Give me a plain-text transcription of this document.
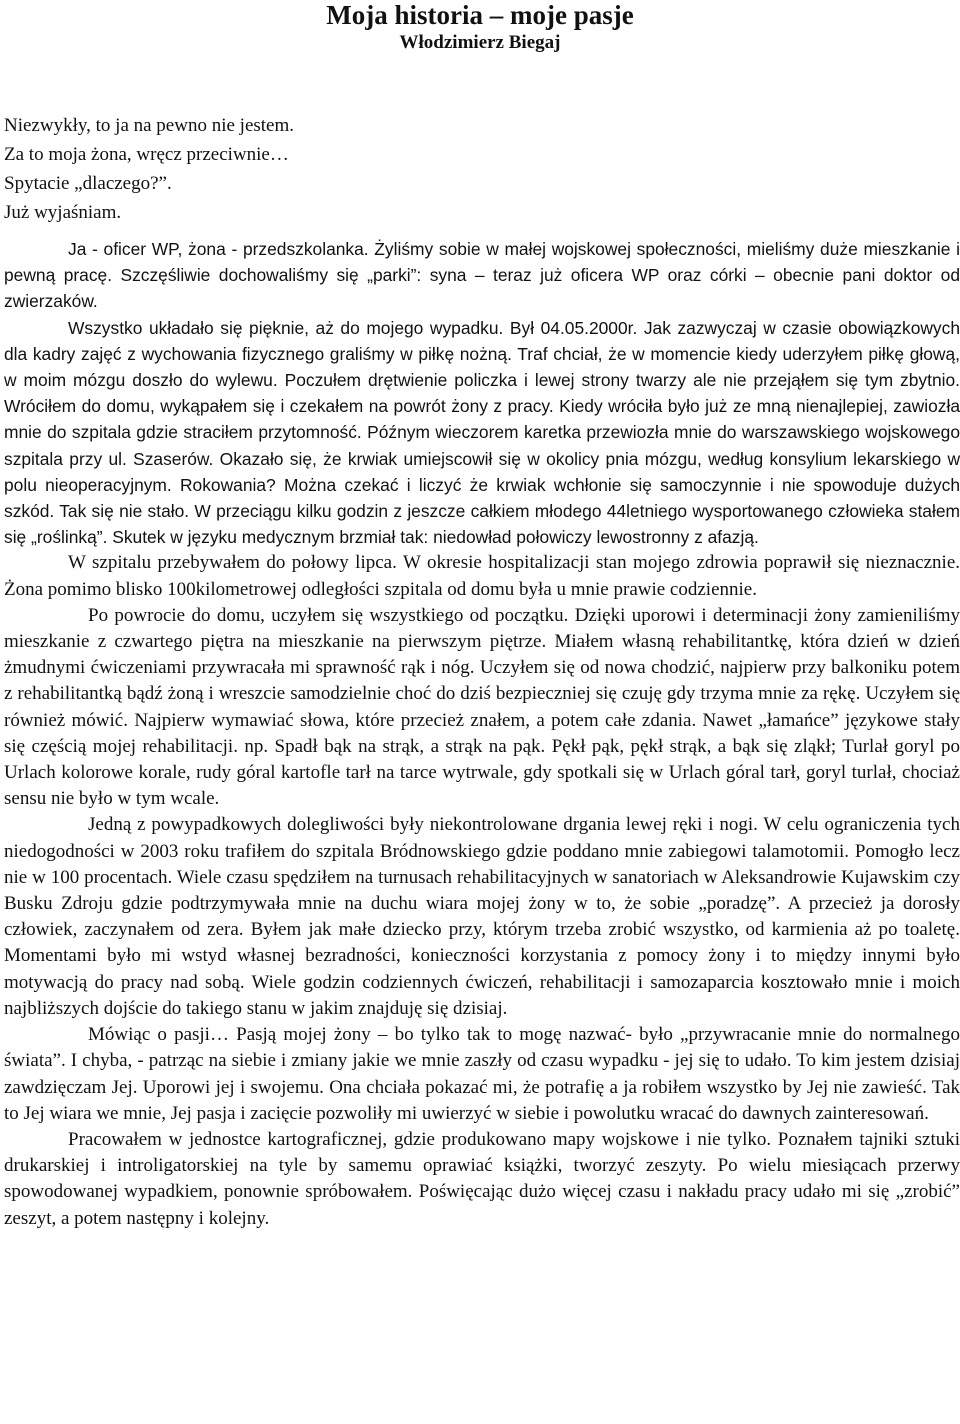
Moja historia – moje pasje
Włodzimierz Biegaj
Niezwykły, to ja na pewno nie jestem.
Za to moja żona, wręcz przeciwnie…
Spytacie „dlaczego?”.
Już wyjaśniam.

Ja - oficer WP, żona - przedszkolanka. Żyliśmy sobie w małej wojskowej społeczności, mieliśmy duże mieszkanie i pewną pracę. Szczęśliwie dochowaliśmy się „parki”: syna – teraz już oficera WP oraz córki – obecnie pani doktor od zwierzaków.

Wszystko układało się pięknie, aż do mojego wypadku. Był 04.05.2000r. Jak zazwyczaj w czasie obowiązkowych dla kadry zajęć z wychowania fizycznego graliśmy w piłkę nożną. Traf chciał, że w momencie kiedy uderzyłem piłkę głową, w moim mózgu doszło do wylewu. Poczułem drętwienie policzka i lewej strony twarzy ale nie przejąłem się tym zbytnio. Wróciłem do domu, wykąpałem się i czekałem na powrót żony z pracy. Kiedy wróciła było już ze mną nienajlepiej, zawiozła mnie do szpitala gdzie straciłem przytomność. Późnym wieczorem karetka przewiozła mnie do warszawskiego wojskowego szpitala przy ul. Szaserów. Okazało się, że krwiak umiejscowił się w okolicy pnia mózgu, według konsylium lekarskiego w polu nieoperacyjnym. Rokowania? Można czekać i liczyć że krwiak wchłonie się samoczynnie i nie spowoduje dużych szkód. Tak się nie stało. W przeciągu kilku godzin z jeszcze całkiem młodego 44letniego wysportowanego człowieka stałem się „roślinką”. Skutek w języku medycznym brzmiał tak: niedowład połowiczy lewostronny z afazją.

W szpitalu przebywałem do połowy lipca. W okresie hospitalizacji stan mojego zdrowia poprawił się nieznacznie. Żona pomimo blisko 100kilometrowej odległości szpitala od domu była u mnie prawie codziennie.

Po powrocie do domu, uczyłem się wszystkiego od początku. Dzięki uporowi i determinacji żony zamieniliśmy mieszkanie z czwartego piętra na mieszkanie na pierwszym piętrze. Miałem własną rehabilitantkę, która dzień w dzień żmudnymi ćwiczeniami przywracała mi sprawność rąk i nóg. Uczyłem się od nowa chodzić, najpierw przy balkoniku potem z rehabilitantką bądź żoną i wreszcie samodzielnie choć do dziś bezpieczniej się czuję gdy trzyma mnie za rękę. Uczyłem się również mówić. Najpierw wymawiać słowa, które przecież znałem, a potem całe zdania. Nawet „łamańce” językowe stały się częścią mojej rehabilitacji. np. Spadł bąk na strąk, a strąk na pąk. Pękł pąk, pękł strąk, a bąk się zląkł; Turlał goryl po Urlach kolorowe korale, rudy góral kartofle tarł na tarce wytrwale, gdy spotkali się w Urlach góral tarł, goryl turlał, chociaż sensu nie było w tym wcale.

Jedną z powypadkowych dolegliwości były niekontrolowane drgania lewej ręki i nogi. W celu ograniczenia tych niedogodności w 2003 roku trafiłem do szpitala Bródnowskiego gdzie poddano mnie zabiegowi talamotomii. Pomogło lecz nie w 100 procentach. Wiele czasu spędziłem na turnusach rehabilitacyjnych w sanatoriach w Aleksandrowie Kujawskim czy Busku Zdroju gdzie podtrzymywała mnie na duchu wiara mojej żony w to, że sobie „poradzę”. A przecież ja dorosły człowiek, zaczynałem od zera. Byłem jak małe dziecko przy, którym trzeba zrobić wszystko, od karmienia aż po toaletę. Momentami było mi wstyd własnej bezradności, konieczności korzystania z pomocy żony i to między innymi było motywacją do pracy nad sobą. Wiele godzin codziennych ćwiczeń, rehabilitacji i samozaparcia kosztowało mnie i moich najbliższych dojście do takiego stanu w jakim znajduję się dzisiaj.

Mówiąc o pasji… Pasją mojej żony – bo tylko tak to mogę nazwać- było „przywracanie mnie do normalnego świata”. I chyba, - patrząc na siebie i zmiany jakie we mnie zaszły od czasu wypadku - jej się to udało. To kim jestem dzisiaj zawdzięczam Jej. Uporowi jej i swojemu. Ona chciała pokazać mi, że potrafię a ja robiłem wszystko by Jej nie zawieść. Tak to Jej wiara we mnie, Jej pasja i zacięcie pozwoliły mi uwierzyć w siebie i powolutku wracać do dawnych zainteresowań.

Pracowałem w jednostce kartograficznej, gdzie produkowano mapy wojskowe i nie tylko. Poznałem tajniki sztuki drukarskiej i introligatorskiej na tyle by samemu oprawiać książki, tworzyć zeszyty. Po wielu miesiącach przerwy spowodowanej wypadkiem, ponownie spróbowałem. Poświęcając dużo więcej czasu i nakładu pracy udało mi się „zrobić” zeszyt, a potem następny i kolejny.
